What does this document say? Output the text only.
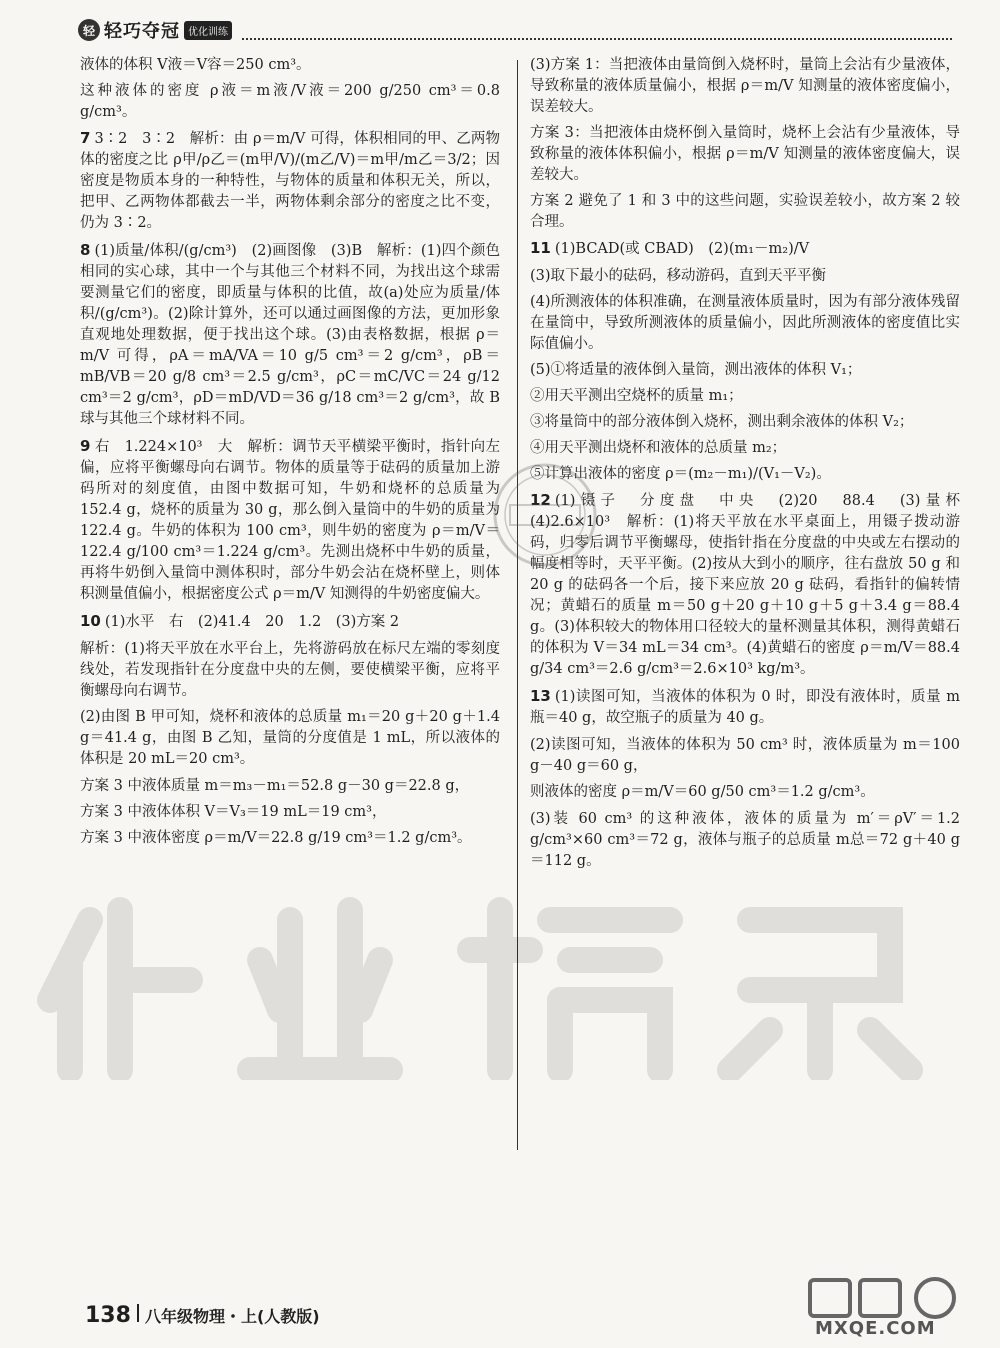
轻 轻巧夺冠 优化训练
液体的体积 V液＝V容＝250 cm³。
这种液体的密度 ρ液＝m液/V液＝200 g/250 cm³＝0.8 g/cm³。
7 3∶2　3∶2　解析：由 ρ＝m/V 可得，体积相同的甲、乙两物体的密度之比 ρ甲/ρ乙＝(m甲/V)/(m乙/V)＝m甲/m乙＝3/2；因密度是物质本身的一种特性，与物体的质量和体积无关，所以，把甲、乙两物体都截去一半，两物体剩余部分的密度之比不变，仍为 3∶2。
8 (1)质量/体积/(g/cm³)　(2)画图像　(3)B　解析：(1)四个颜色相同的实心球，其中一个与其他三个材料不同，为找出这个球需要测量它们的密度，即质量与体积的比值，故(a)处应为质量/体积/(g/cm³)。(2)除计算外，还可以通过画图像的方法，更加形象直观地处理数据，便于找出这个球。(3)由表格数据，根据 ρ＝m/V 可得，ρA＝mA/VA＝10 g/5 cm³＝2 g/cm³，ρB＝mB/VB＝20 g/8 cm³＝2.5 g/cm³，ρC＝mC/VC＝24 g/12 cm³＝2 g/cm³，ρD＝mD/VD＝36 g/18 cm³＝2 g/cm³，故 B 球与其他三个球材料不同。
9 右　1.224×10³　大　解析：调节天平横梁平衡时，指针向左偏，应将平衡螺母向右调节。物体的质量等于砝码的质量加上游码所对的刻度值，由图中数据可知，牛奶和烧杯的总质量为 152.4 g，烧杯的质量为 30 g，那么倒入量筒中的牛奶的质量为 122.4 g。牛奶的体积为 100 cm³，则牛奶的密度为 ρ＝m/V＝122.4 g/100 cm³＝1.224 g/cm³。先测出烧杯中牛奶的质量，再将牛奶倒入量筒中测体积时，部分牛奶会沾在烧杯壁上，则体积测量值偏小，根据密度公式 ρ＝m/V 知测得的牛奶密度偏大。
10 (1)水平　右　(2)41.4　20　1.2　(3)方案 2
解析：(1)将天平放在水平台上，先将游码放在标尺左端的零刻度线处，若发现指针在分度盘中央的左侧，要使横梁平衡，应将平衡螺母向右调节。
(2)由图 B 甲可知，烧杯和液体的总质量 m₁＝20 g＋20 g＋1.4 g＝41.4 g，由图 B 乙知，量筒的分度值是 1 mL，所以液体的体积是 20 mL＝20 cm³。
方案 3 中液体质量 m＝m₃－m₁＝52.8 g－30 g＝22.8 g，
方案 3 中液体体积 V＝V₃＝19 mL＝19 cm³，
方案 3 中液体密度 ρ＝m/V＝22.8 g/19 cm³＝1.2 g/cm³。
(3)方案 1：当把液体由量筒倒入烧杯时，量筒上会沾有少量液体，导致称量的液体质量偏小，根据 ρ＝m/V 知测量的液体密度偏小，误差较大。
方案 3：当把液体由烧杯倒入量筒时，烧杯上会沾有少量液体，导致称量的液体体积偏小，根据 ρ＝m/V 知测量的液体密度偏大，误差较大。
方案 2 避免了 1 和 3 中的这些问题，实验误差较小，故方案 2 较合理。
11 (1)BCAD(或 CBAD)　(2)(m₁－m₂)/V
(3)取下最小的砝码，移动游码，直到天平平衡
(4)所测液体的体积准确，在测量液体质量时，因为有部分液体残留在量筒中，导致所测液体的质量偏小，因此所测液体的密度值比实际值偏小。
(5)①将适量的液体倒入量筒，测出液体的体积 V₁；
②用天平测出空烧杯的质量 m₁；
③将量筒中的部分液体倒入烧杯，测出剩余液体的体积 V₂；
④用天平测出烧杯和液体的总质量 m₂；
⑤计算出液体的密度 ρ＝(m₂－m₁)/(V₁－V₂)。
12 (1)镊子　分度盘　中央　(2)20　88.4　(3)量杯　(4)2.6×10³　解析：(1)将天平放在水平桌面上，用镊子拨动游码，归零后调节平衡螺母，使指针指在分度盘的中央或左右摆动的幅度相等时，天平平衡。(2)按从大到小的顺序，往右盘放 50 g 和 20 g 的砝码各一个后，接下来应放 20 g 砝码，看指针的偏转情况；黄蜡石的质量 m＝50 g＋20 g＋10 g＋5 g＋3.4 g＝88.4 g。(3)体积较大的物体用口径较大的量杯测量其体积，测得黄蜡石的体积为 V＝34 mL＝34 cm³。(4)黄蜡石的密度 ρ＝m/V＝88.4 g/34 cm³＝2.6 g/cm³＝2.6×10³ kg/m³。
13 (1)读图可知，当液体的体积为 0 时，即没有液体时，质量 m瓶＝40 g，故空瓶子的质量为 40 g。
(2)读图可知，当液体的体积为 50 cm³ 时，液体质量为 m＝100 g－40 g＝60 g，
则液体的密度 ρ＝m/V＝60 g/50 cm³＝1.2 g/cm³。
(3)装 60 cm³ 的这种液体，液体的质量为 m′＝ρV′＝1.2 g/cm³×60 cm³＝72 g，液体与瓶子的总质量 m总＝72 g＋40 g＝112 g。
MXQE.COM
138 八年级物理・上(人教版)
